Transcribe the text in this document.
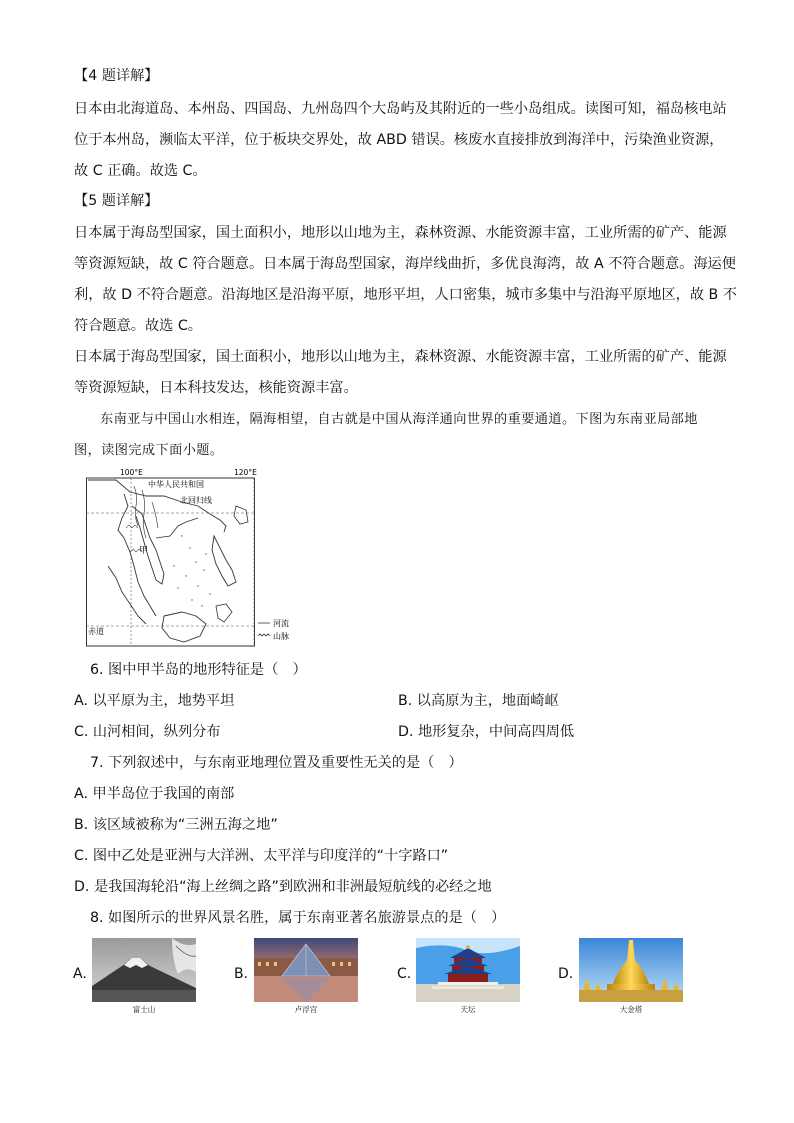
【4 题详解】
日本由北海道岛、本州岛、四国岛、九州岛四个大岛屿及其附近的一些小岛组成。读图可知，福岛核电站
位于本州岛，濒临太平洋，位于板块交界处，故 ABD 错误。核废水直接排放到海洋中，污染渔业资源，
故 C 正确。故选 C。
【5 题详解】
日本属于海岛型国家，国土面积小，地形以山地为主，森林资源、水能资源丰富，工业所需的矿产、能源
等资源短缺，故 C 符合题意。日本属于海岛型国家，海岸线曲折，多优良海湾，故 A 不符合题意。海运便
利，故 D 不符合题意。沿海地区是沿海平原，地形平坦，人口密集，城市多集中与沿海平原地区，故 B 不
符合题意。故选 C。
日本属于海岛型国家，国土面积小，地形以山地为主，森林资源、水能资源丰富，工业所需的矿产、能源
等资源短缺，日本科技发达，核能资源丰富。
东南亚与中国山水相连，隔海相望，自古就是中国从海洋通向世界的重要通道。下图为东南亚局部地
图，读图完成下面小题。
100°E	120°E
中华人民共和国
北回归线
甲
赤道
河流
山脉
6. 图中甲半岛的地形特征是（　）
A. 以平原为主，地势平坦	B. 以高原为主，地面崎岖
C. 山河相间，纵列分布	D. 地形复杂，中间高四周低
7. 下列叙述中，与东南亚地理位置及重要性无关的是（　）
A. 甲半岛位于我国的南部
B. 该区域被称为“三洲五海之地”
C. 图中乙处是亚洲与大洋洲、太平洋与印度洋的“十字路口”
D. 是我国海轮沿“海上丝绸之路”到欧洲和非洲最短航线的必经之地
8. 如图所示的世界风景名胜，属于东南亚著名旅游景点的是（　）
A.
富士山
B.
卢浮宫
C.
天坛
D.
大金塔
